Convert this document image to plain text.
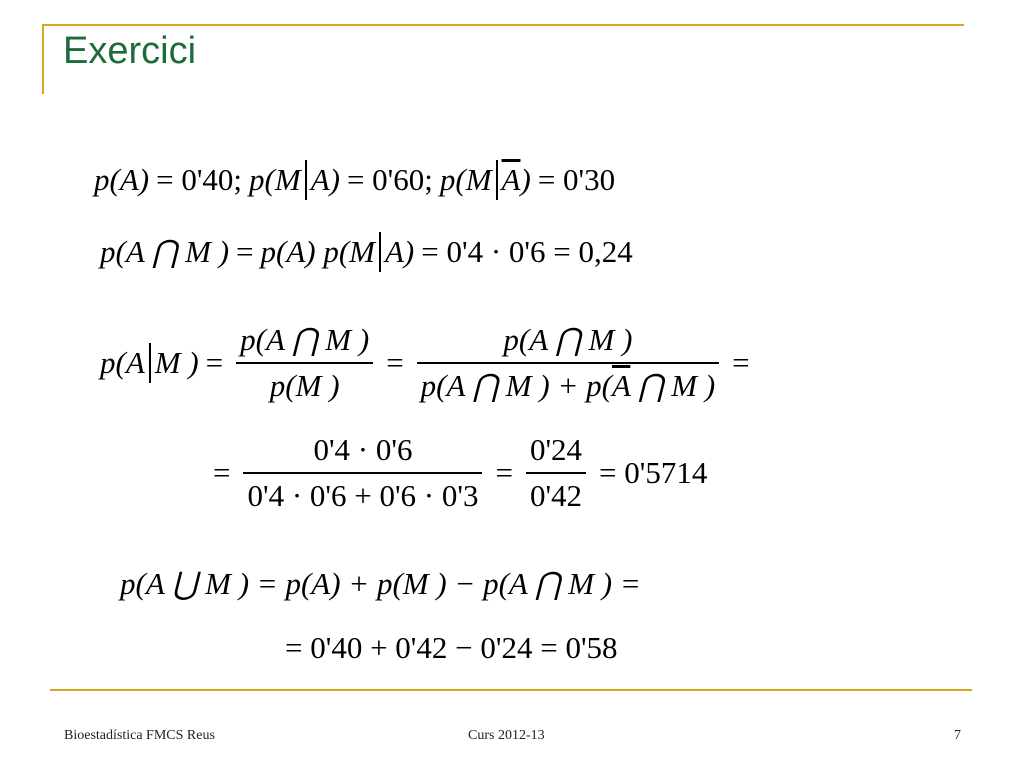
Exercici
p(A) = 0'40; p(M A) = 0'60; p(M $\overline{A}$ ) = 0'30
p(A ⋂ M ) = p(A) p(M A) = 0'4 · 0'6 = 0,24
p(A M ) = $\frac{p(A ⋂ M )}{p(M )} = \frac{p(A ⋂ M )}{p(A ⋂ M ) + p(\overline{A} ⋂ M )}$ =
= $\frac{0'4 \cdot 0'6}{0'4 \cdot 0'6 + 0'6 \cdot 0'3} = \frac{0'24}{0'42} = 0'5714$
p(A ⋃ M ) = p(A) + p(M ) − p(A ⋂ M ) =
= 0'40 + 0'42 − 0'24 = 0'58
Bioestadística FMCS Reus	Curs 2012-13	7
